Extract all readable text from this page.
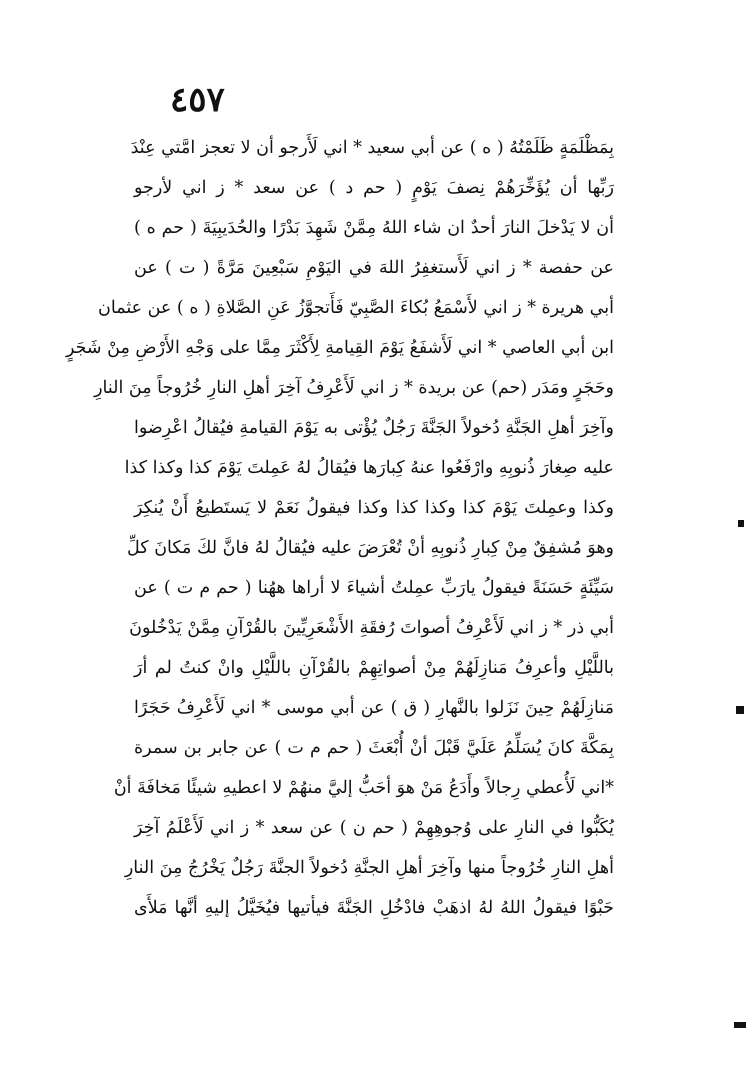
٤٥٧
بِمَظْلَمَةٍ ظَلَمْتُهُ ( ه ) عن أبي سعيد * اني لَأَرجو أن لا تعجز امَّتي عِنْدَ
رَبِّها أن يُؤَخِّرَهُمْ نِصفَ يَوْمٍ ( حم د ) عن سعد * ز اني لأرجو
أن لا يَدْخلَ النارَ أحدٌ ان شاء اللهُ مِمَّنْ شَهِدَ بَدْرًا والحُدَيبِيَةَ ( حم ه )
عن حفصة * ز اني لَأَستغفِرُ اللهَ في اليَوْمِ سَبْعِينَ مَرَّةً ( ت ) عن
أبي هريرة * ز اني لأَسْمَعُ بُكاءَ الصَّبِيّ فَأَتجوَّزُ عَنِ الصَّلاةِ ( ه ) عن عثمان
ابن أبي العاصي * اني لَأَشفَعُ يَوْمَ القِيامةِ لِأَكْثَرَ مِمَّا على وَجْهِ الأَرْضِ مِنْ شَجَرٍ
وحَجَرٍ ومَدَر (حم) عن بريدة * ز اني لَأَعْرِفُ آخِرَ أهلِ النارِ خُرُوجاً مِنَ النارِ
وآخِرَ أهلِ الجَنَّةِ دُخولاً الجَنَّةَ رَجُلٌ يُؤْتى به يَوْمَ القيامةِ فيُقالُ اعْرِضوا
عليه صِغارَ ذُنوبِهِ وارْفَعُوا عنهُ كِبارَها فيُقالُ لهُ عَمِلتَ يَوْمَ كذا وكذا كذا
وكذا وعمِلتَ يَوْمَ كذا وكذا كذا وكذا فيقولُ نَعَمْ لا يَستَطيعُ أَنْ يُنكِرَ
وهوَ مُشفِقٌ مِنْ كِبارِ ذُنوبِهِ أنْ تُعْرَضَ عليه فيُقالُ لهُ فانَّ لكَ مَكانَ كلِّ
سَيِّئَةٍ حَسَنَةً فيقولُ يارَبِّ عمِلتُ أشياءَ لا أراها ههُنا ( حم م ت ) عن
أبي ذر * ز اني لَأَعْرِفُ أصواتَ رُفقَةِ الأَشْعَرِيِّينَ بالقُرْآنِ مِمَّنْ يَدْخُلونَ
باللَّيْلِ وأعرِفُ مَنازِلَهُمْ مِنْ أصواتِهِمْ بالقُرْآنِ باللَّيْلِ وانْ كنتُ لم أرَ
مَنازِلَهُمْ حِينَ نَزَلوا بالنَّهارِ ( ق ) عن أبي موسى * اني لَأَعْرِفُ حَجَرًا
بِمَكَّةَ كانَ يُسَلِّمُ عَلَيَّ قَبْلَ أنْ أُبْعَثَ ( حم م ت ) عن جابر بن سمرة
*اني لَأُعطي رِجالاً وأَدَعُ مَنْ هوَ أحَبُّ إليَّ منهُمْ لا اعطيهِ شيئًا مَخافَةَ أنْ
يُكَبُّوا في النارِ على وُجوهِهِمْ ( حم ن ) عن سعد * ز اني لَأَعْلَمُ آخِرَ
أهلِ النارِ خُرُوجاً منها وآخِرَ أهلِ الجنَّةِ دُخولاً الجنَّةَ رَجُلٌ يَخْرُجُ مِنَ النارِ
حَبْوًا فيقولُ اللهُ لهُ اذهَبْ فادْخُلِ الجَنَّةَ فيأتيها فيُخَيَّلُ إليهِ أنَّها مَلأَى
